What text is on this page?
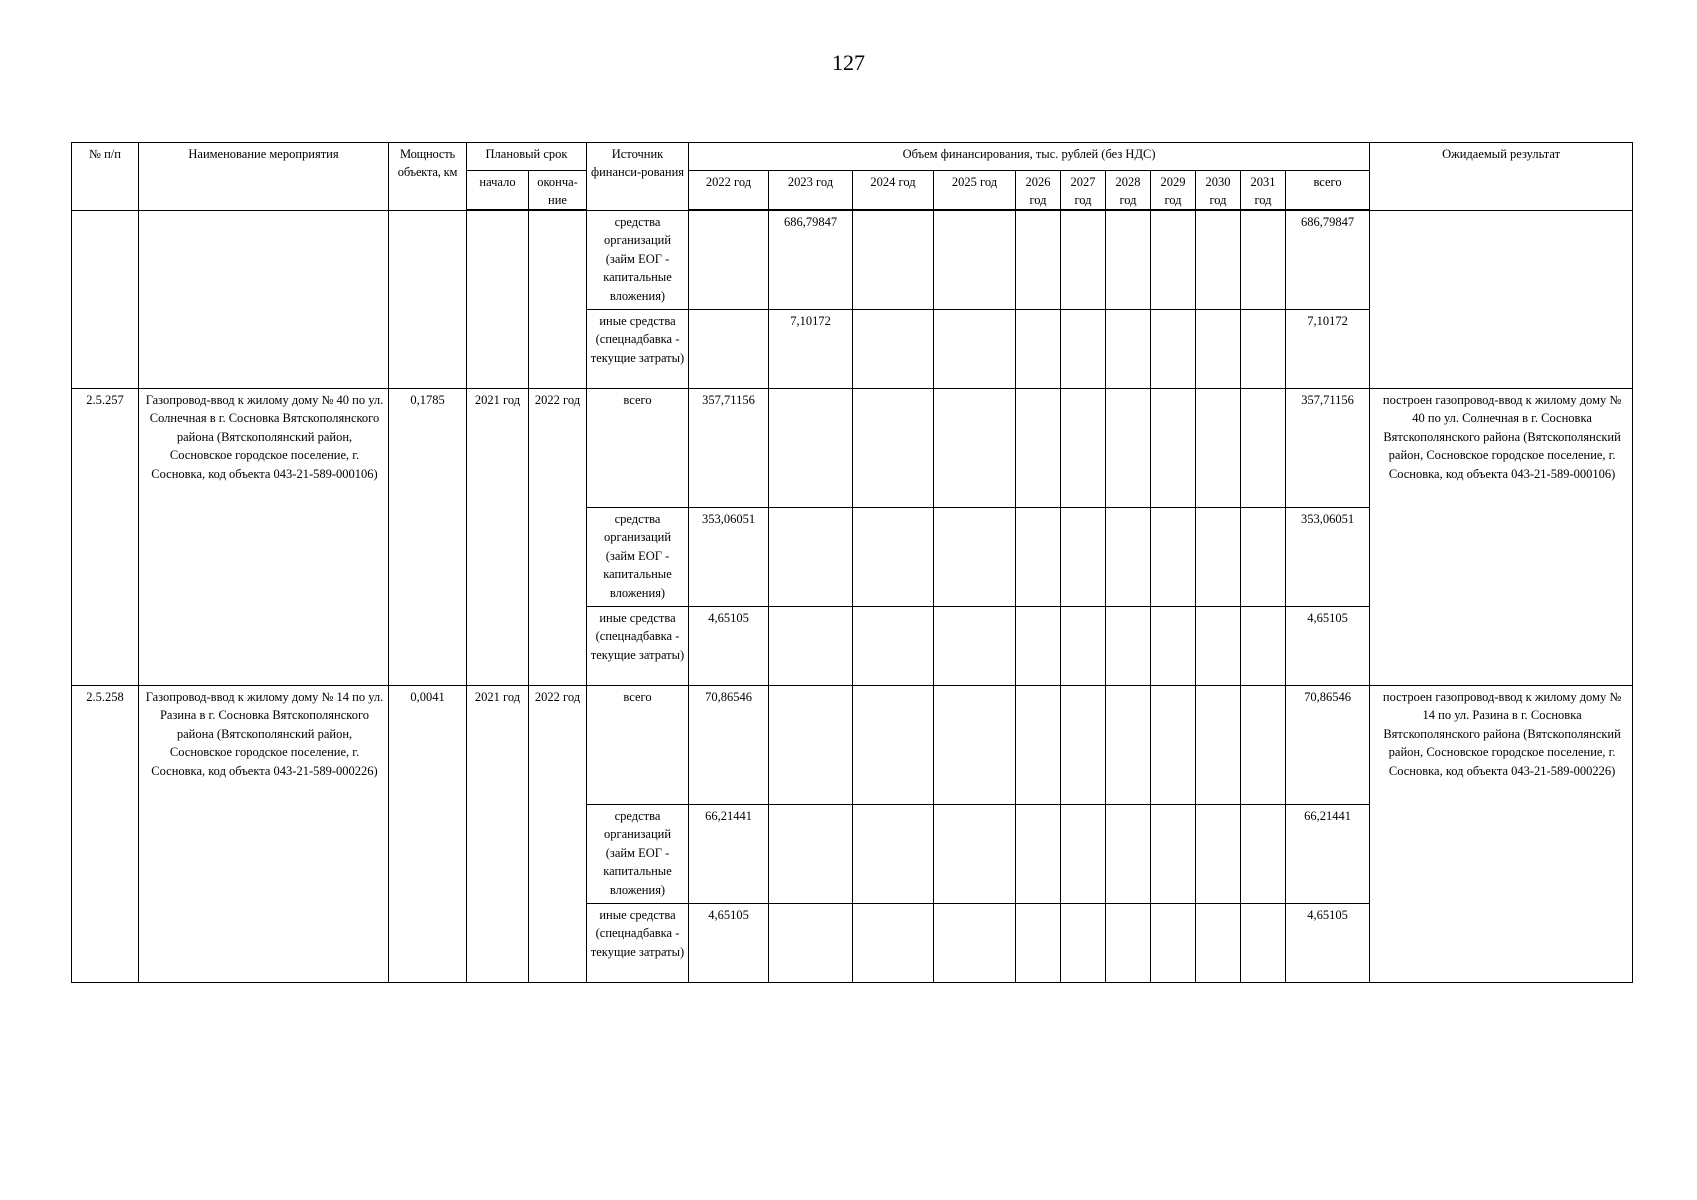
127
№ п/п	Наименование мероприятия	Мощность объекта, км	Плановый срок		Источник финанси-рования	Объем финансирования, тыс. рублей (без НДС)											Ожидаемый результат
			начало	оконча-ние		2022 год	2023 год	2024 год	2025 год	2026 год	2027 год	2028 год	2029 год	2030 год	2031 год	всего	
					средства организаций (займ ЕОГ - капитальные вложения)		686,79847									686,79847	
					иные средства (спецнадбавка - текущие затраты)		7,10172									7,10172	
2.5.257	Газопровод-ввод к жилому дому № 40 по ул. Солнечная в г. Сосновка Вятскополянского района (Вятскополянский район, Сосновское городское поселение, г. Сосновка, код объекта 043-21-589-000106)	0,1785	2021 год	2022 год	всего	357,71156										357,71156	построен газопровод-ввод к жилому дому № 40 по ул. Солнечная в г. Сосновка Вятскополянского района (Вятскополянский район, Сосновское городское поселение, г. Сосновка, код объекта 043-21-589-000106)
					средства организаций (займ ЕОГ - капитальные вложения)	353,06051										353,06051	
					иные средства (спецнадбавка - текущие затраты)	4,65105										4,65105	
2.5.258	Газопровод-ввод к жилому дому № 14 по ул. Разина в г. Сосновка Вятскополянского района (Вятскополянский район, Сосновское городское поселение, г. Сосновка, код объекта 043-21-589-000226)	0,0041	2021 год	2022 год	всего	70,86546										70,86546	построен газопровод-ввод к жилому дому № 14 по ул. Разина в г. Сосновка Вятскополянского района (Вятскополянский район, Сосновское городское поселение, г. Сосновка, код объекта 043-21-589-000226)
					средства организаций (займ ЕОГ - капитальные вложения)	66,21441										66,21441	
					иные средства (спецнадбавка - текущие затраты)	4,65105										4,65105	
